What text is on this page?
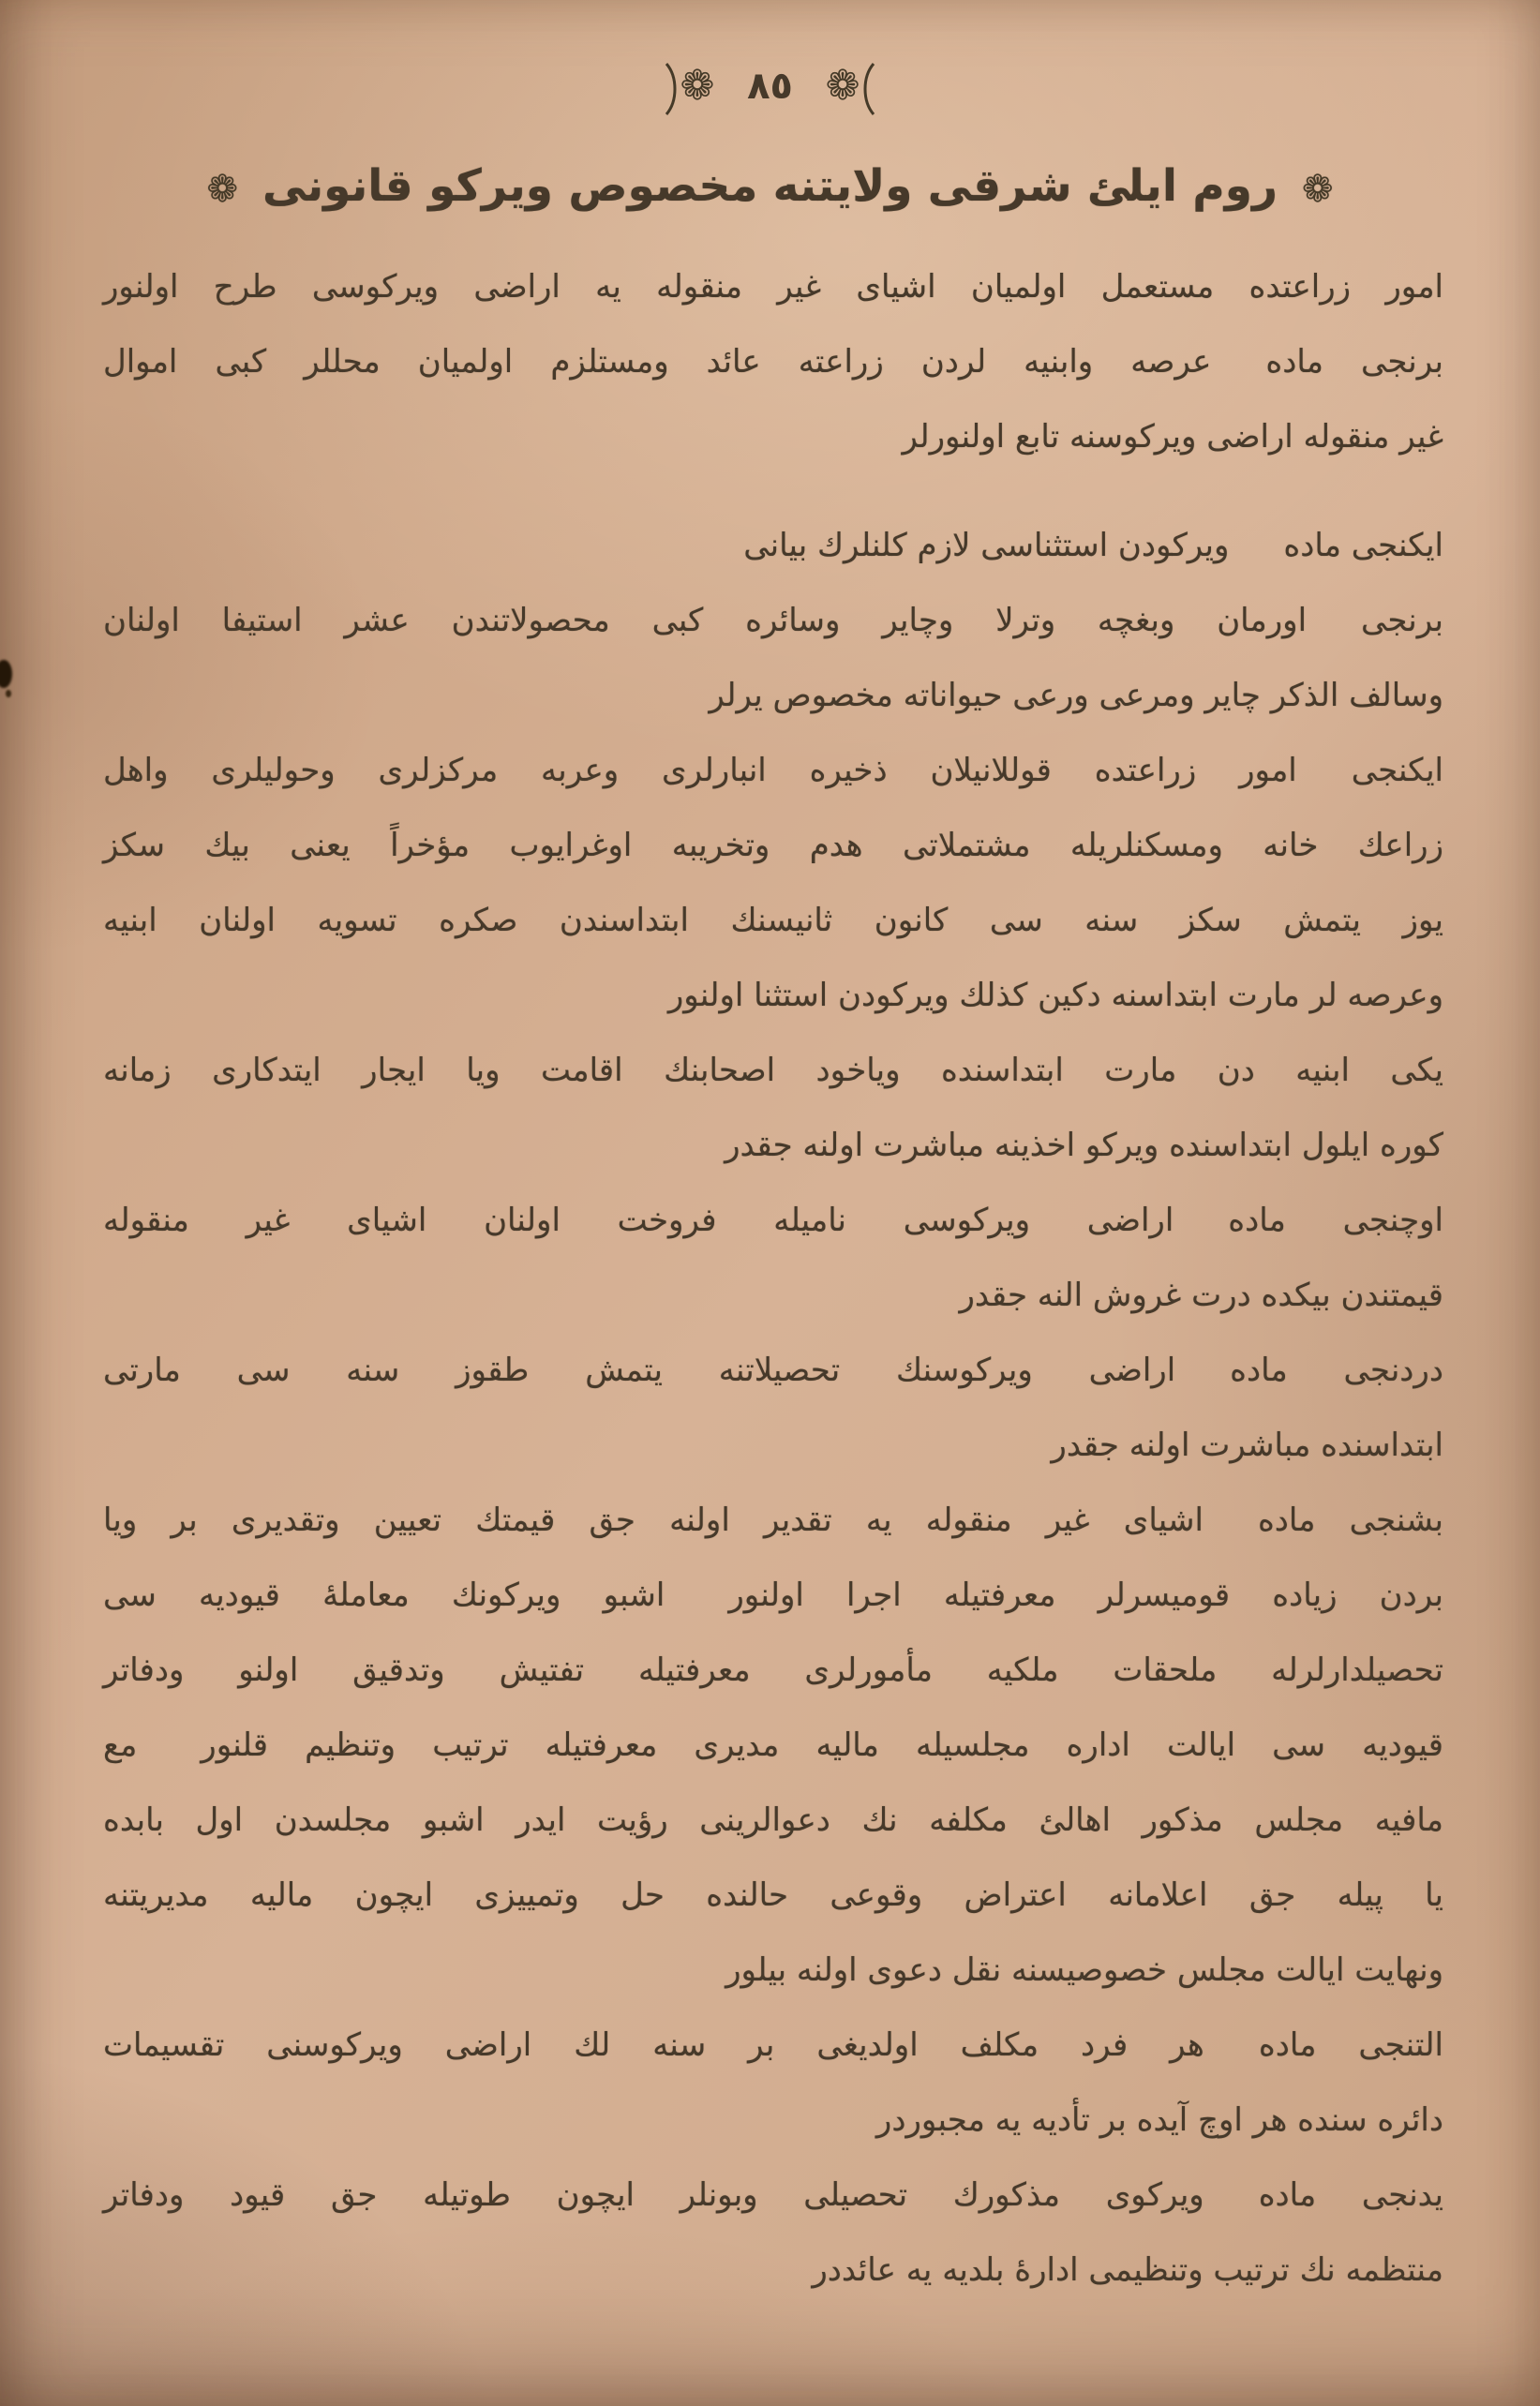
❁ ٨٥ ❁
❁روم ايلئ شرقى ولايتنه مخصوص ويركو قانونى❁
امور زراعتده مستعمل اولميان اشياى غير منقوله يه اراضى ويركوسى طرح اولنور
برنجى مادهعرصه وابنيه لردن زراعته عائد ومستلزم اولميان محللر كبى اموال
غير منقوله اراضى ويركوسنه تابع اولنورلر
ايكنجى مادهويركودن استثناسى لازم كلنلرك بيانى
برنجىاورمان وبغچه وترلا وچاير وسائره كبى محصولاتندن عشر استيفا اولنان
وسالف الذكر چاير ومرعى ورعى حيواناته مخصوص يرلر
ايكنجىامور زراعتده قوللانيلان ذخيره انبارلرى وعربه مركزلرى وحوليلرى واهل
زراعك خانه ومسكنلريله مشتملاتى هدم وتخريبه اوغرايوب مؤخراً يعنى بيك سكز
يوز يتمش سكز سنه سى كانون ثانيسنك ابتداسندن صكره تسويه اولنان ابنيه
وعرصه لر مارت ابتداسنه دكين كذلك ويركودن استثنا اولنور
يكى ابنيه دن مارت ابتداسنده وياخود اصحابنك اقامت ويا ايجار ايتدكارى زمانه
كوره ايلول ابتداسنده ويركو اخذينه مباشرت اولنه جقدر
اوچنجى مادهاراضى ويركوسى ناميله فروخت اولنان اشياى غير منقوله
قيمتندن بيكده درت غروش النه جقدر
دردنجى مادهاراضى ويركوسنك تحصيلاتنه يتمش طقوز سنه سى مارتى
ابتداسنده مباشرت اولنه جقدر
بشنجى مادهاشياى غير منقوله يه تقدير اولنه جق قيمتك تعيين وتقديرى بر ويا
بردن زياده قوميسرلر معرفتيله اجرا اولنور  اشبو ويركونك معاملۀ قيوديه سى
تحصيلدارلرله ملحقات ملكيه مأمورلرى معرفتيله تفتيش وتدقيق اولنو ودفاتر
قيوديه سى ايالت اداره مجلسيله ماليه مديرى معرفتيله ترتيب وتنظيم قلنور  مع
مافيه مجلس مذكور اهالئ مكلفه نك دعوالرينى رؤيت ايدر اشبو مجلسدن اول بابده
يا پيله جق اعلامانه اعتراض وقوعى حالنده حل وتمييزى ايچون ماليه مديريتنه
ونهايت ايالت مجلس خصوصيسنه نقل دعوى اولنه بيلور
التنجى مادههر فرد مكلف اولديغى بر سنه لك اراضى ويركوسنى تقسيمات
دائره سنده هر اوچ آيده بر تأديه يه مجبوردر
يدنجى مادهويركوى مذكورك تحصيلى وبونلر ايچون طوتيله جق قيود ودفاتر
منتظمه نك ترتيب وتنظيمى ادارۀ بلديه يه عائددر
